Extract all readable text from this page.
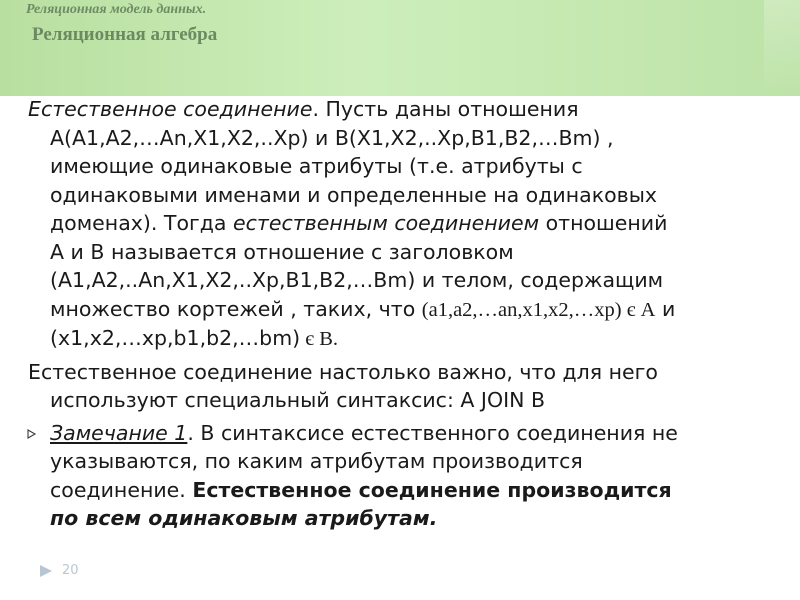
Реляционная модель данных.
Реляционная алгебра
Естественное соединение. Пусть даны отношения
A(A1,A2,…An,X1,X2,..Xp) и B(X1,X2,..Xp,B1,B2,…Bm) ,
имеющие одинаковые атрибуты (т.е. атрибуты с
одинаковыми именами и определенные на одинаковых
доменах). Тогда естественным соединением отношений
A и B называется отношение с заголовком
(A1,A2,..An,X1,X2,..Xp,B1,B2,…Bm) и телом, содержащим
множество кортежей , таких, что (a1,a2,…an,x1,x2,…xp) є A и
(x1,x2,…xp,b1,b2,…bm) є B.
Естественное соединение настолько важно, что для него
используют специальный синтаксис: A JOIN B
Замечание 1. В синтаксисе естественного соединения не
указываются, по каким атрибутам производится
соединение. Естественное соединение производится
по всем одинаковым атрибутам.
20
